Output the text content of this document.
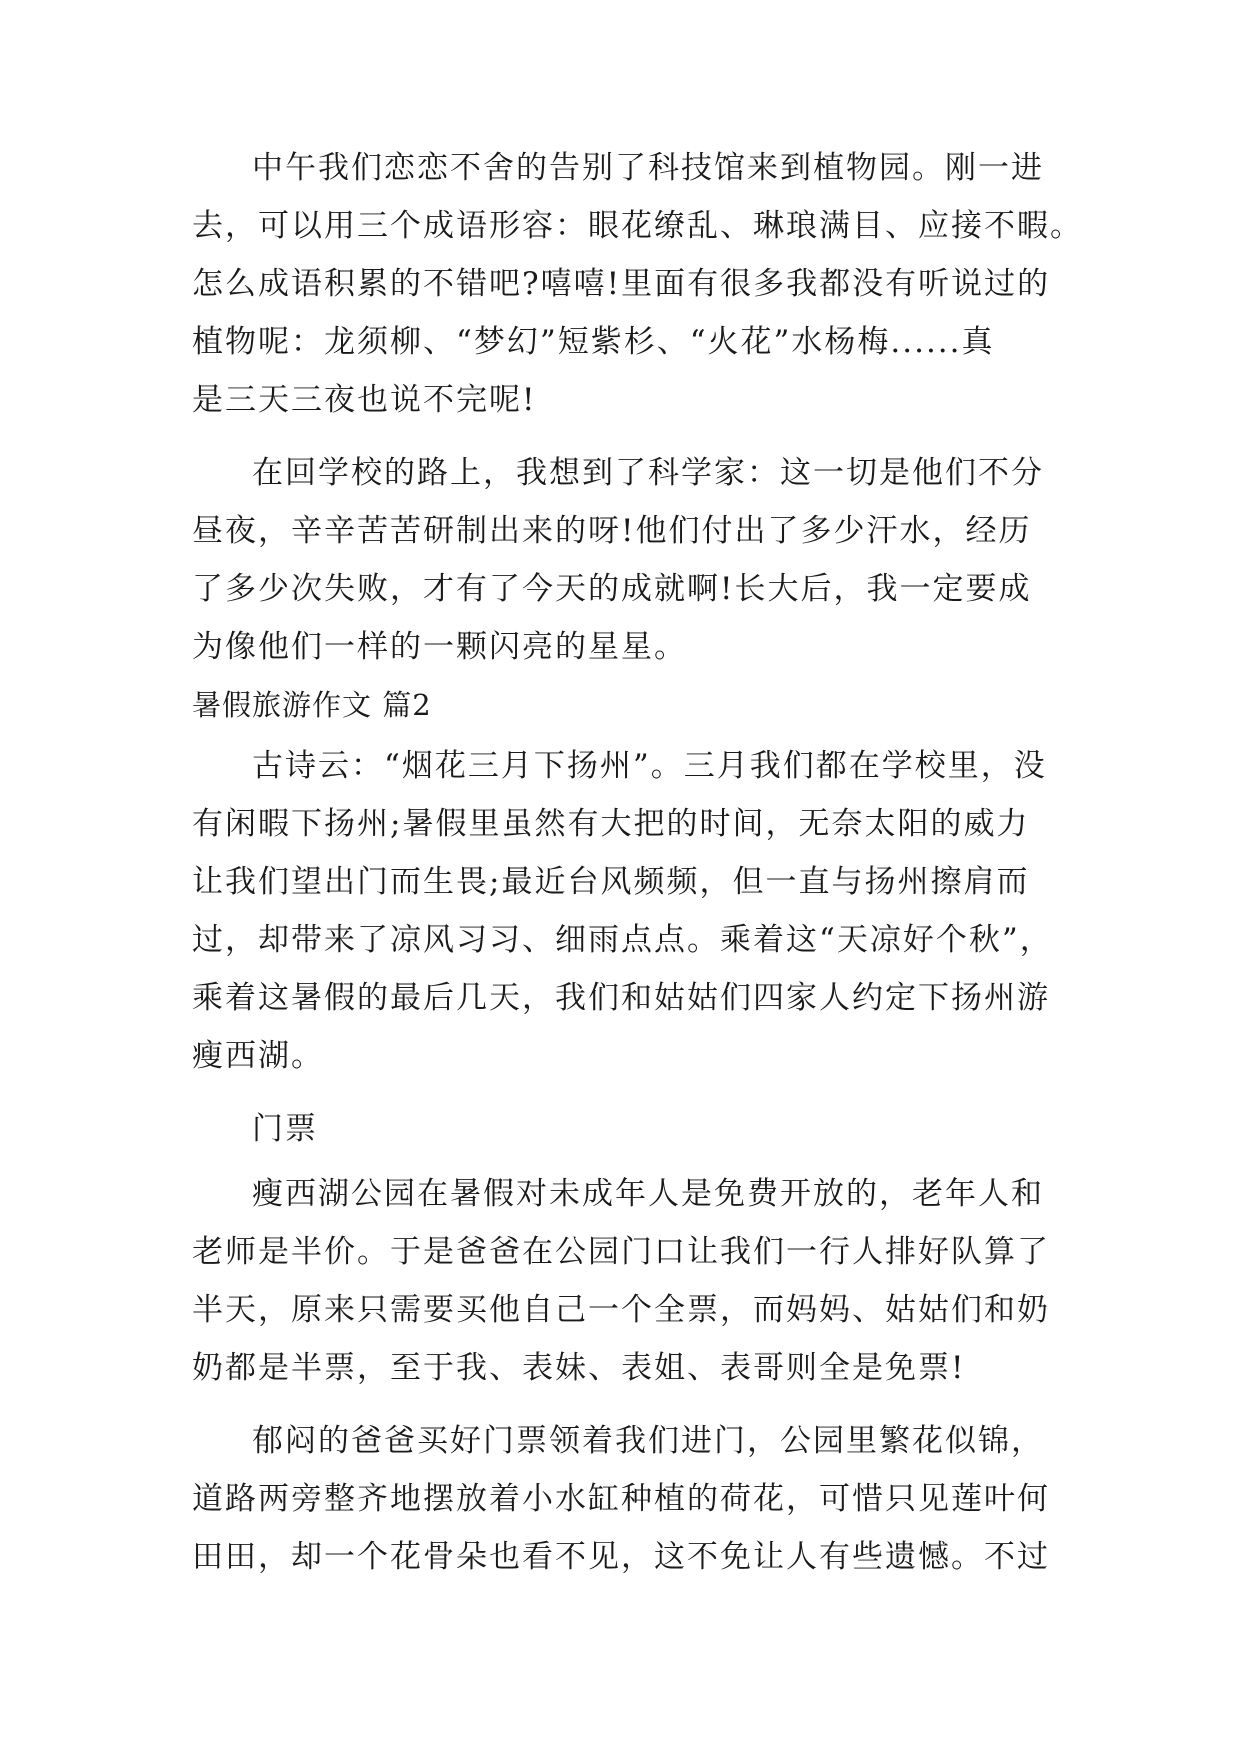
中午我们恋恋不舍的告别了科技馆来到植物园。刚一进
去，可以用三个成语形容：眼花缭乱、琳琅满目、应接不暇。
怎么成语积累的不错吧?嘻嘻!里面有很多我都没有听说过的
植物呢：龙须柳、“梦幻”短紫杉、“火花”水杨梅......真
是三天三夜也说不完呢!
在回学校的路上，我想到了科学家：这一切是他们不分
昼夜，辛辛苦苦研制出来的呀!他们付出了多少汗水，经历
了多少次失败，才有了今天的成就啊!长大后，我一定要成
为像他们一样的一颗闪亮的星星。
暑假旅游作文 篇2
古诗云：“烟花三月下扬州”。三月我们都在学校里，没
有闲暇下扬州;暑假里虽然有大把的时间，无奈太阳的威力
让我们望出门而生畏;最近台风频频，但一直与扬州擦肩而
过，却带来了凉风习习、细雨点点。乘着这“天凉好个秋”，
乘着这暑假的最后几天，我们和姑姑们四家人约定下扬州游
瘦西湖。
门票
瘦西湖公园在暑假对未成年人是免费开放的，老年人和
老师是半价。于是爸爸在公园门口让我们一行人排好队算了
半天，原来只需要买他自己一个全票，而妈妈、姑姑们和奶
奶都是半票，至于我、表妹、表姐、表哥则全是免票!
郁闷的爸爸买好门票领着我们进门，公园里繁花似锦，
道路两旁整齐地摆放着小水缸种植的荷花，可惜只见莲叶何
田田，却一个花骨朵也看不见，这不免让人有些遗憾。不过
